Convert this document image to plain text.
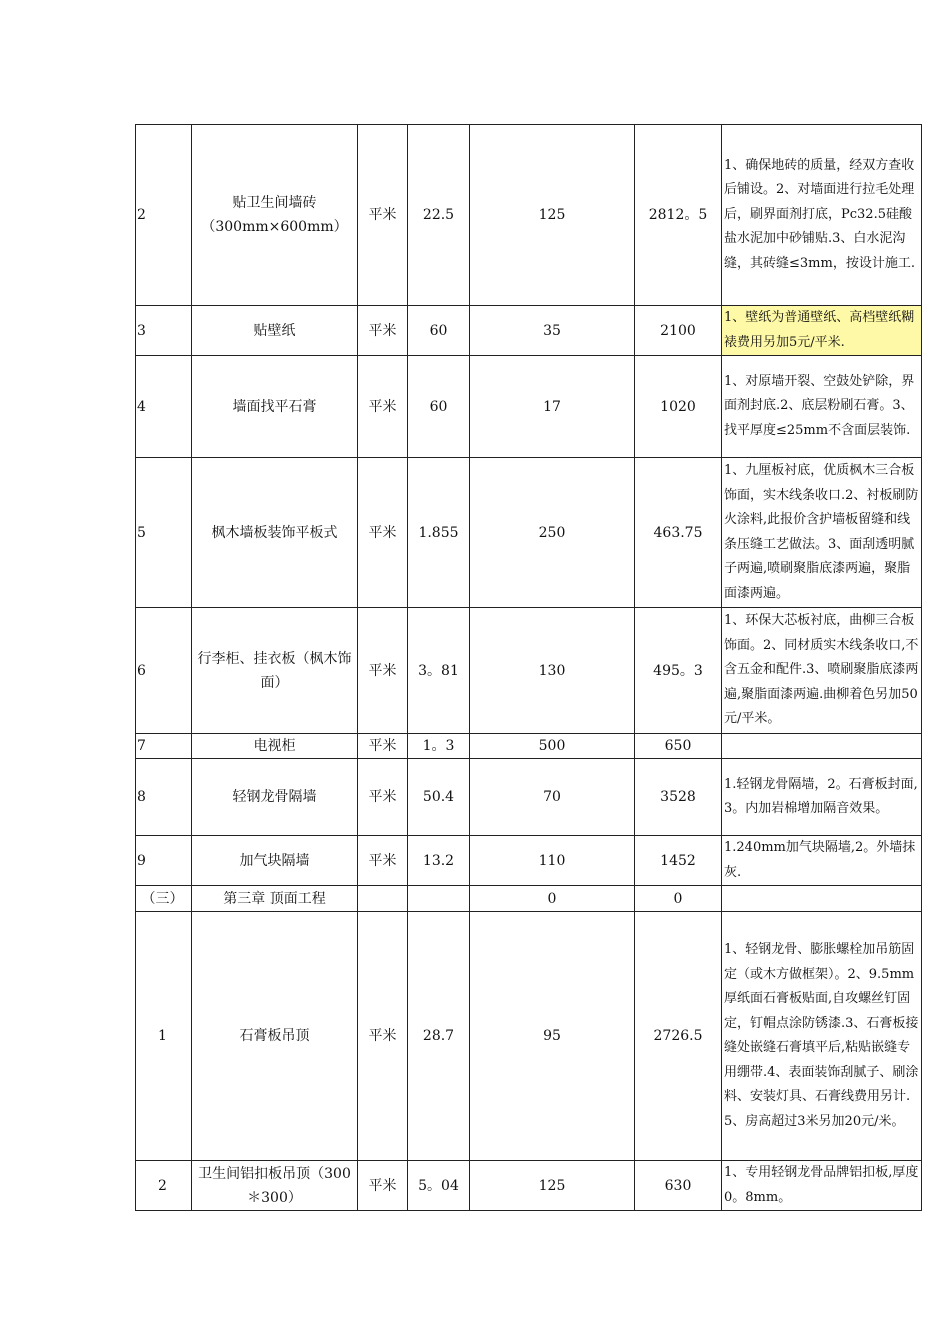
2	贴卫生间墙砖（300mm×600mm）	平米	22.5	125	2812。5	1、确保地砖的质量，经双方查收后铺设。2、对墙面进行拉毛处理后，刷界面剂打底，Pc32.5硅酸盐水泥加中砂铺贴.3、白水泥沟缝，其砖缝≤3mm，按设计施工.
3	贴壁纸	平米	60	35	2100	1、壁纸为普通壁纸、高档壁纸糊裱费用另加5元/平米.
4	墙面找平石膏	平米	60	17	1020	1、对原墙开裂、空鼓处铲除，界面剂封底.2、底层粉刷石膏。3、找平厚度≤25mm不含面层装饰.
5	枫木墙板装饰平板式	平米	1.855	250	463.75	1、九厘板衬底，优质枫木三合板饰面，实木线条收口.2、衬板刷防火涂料,此报价含护墙板留缝和线条压缝工艺做法。3、面刮透明腻子两遍,喷刷聚脂底漆两遍，聚脂面漆两遍。
6	行李柜、挂衣板（枫木饰面）	平米	3。81	130	495。3	1、环保大芯板衬底，曲柳三合板饰面。2、同材质实木线条收口,不含五金和配件.3、喷刷聚脂底漆两遍,聚脂面漆两遍.曲柳着色另加50元/平米。
7	电视柜	平米	1。3	500	650	
8	轻钢龙骨隔墙	平米	50.4	70	3528	1.轻钢龙骨隔墙，2。石膏板封面,3。内加岩棉增加隔音效果。
9	加气块隔墙	平米	13.2	110	1452	1.240mm加气块隔墙,2。外墙抹灰.
（三）	第三章 顶面工程			0	0	
1	石膏板吊顶	平米	28.7	95	2726.5	1、轻钢龙骨、膨胀螺栓加吊筋固定（或木方做框架）。2、9.5mm厚纸面石膏板贴面,自攻螺丝钉固定，钉帽点涂防锈漆.3、石膏板接缝处嵌缝石膏填平后,粘贴嵌缝专用绷带.4、表面装饰刮腻子、刷涂料、安装灯具、石膏线费用另计.5、房高超过3米另加20元/米。
2	卫生间铝扣板吊顶（300＊300）	平米	5。04	125	630	1、专用轻钢龙骨品牌铝扣板,厚度0。8mm。
